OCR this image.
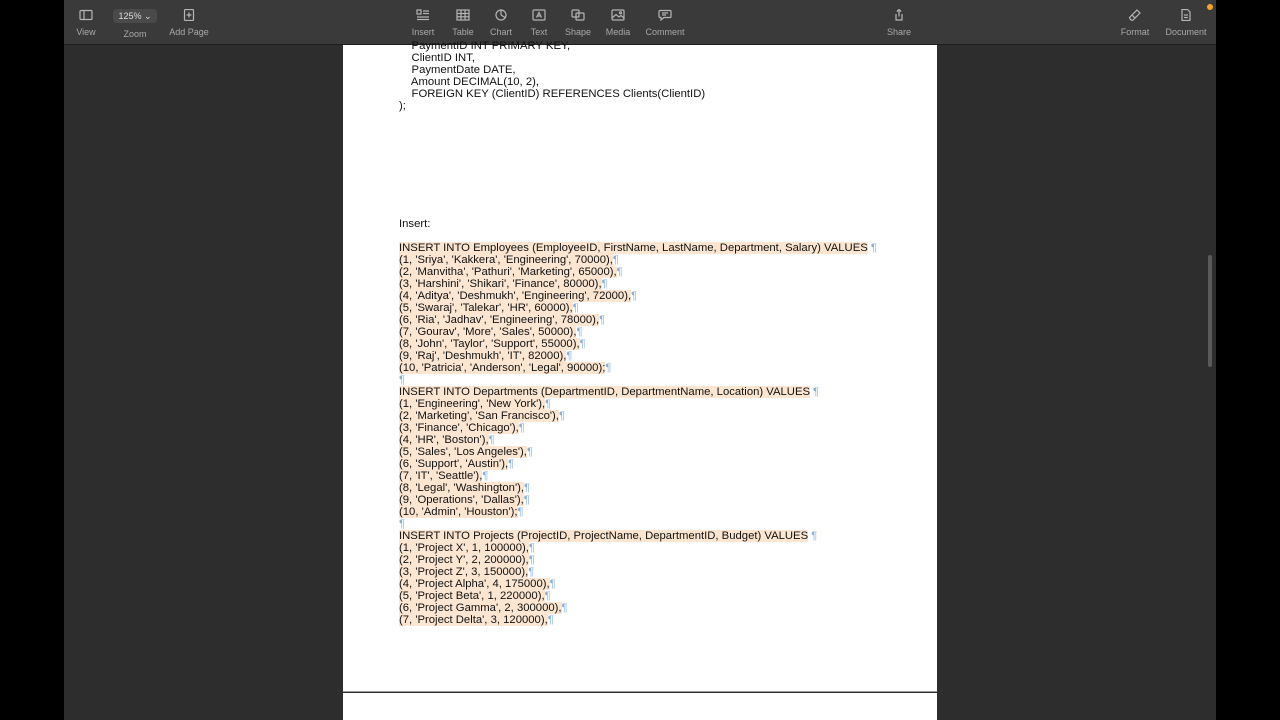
View
125% ⌄
Zoom	Add Page	Insert	Table	Chart	Text	Shape	Media	Comment	Share	Format	Document
PaymentID INT PRIMARY KEY,
ClientID INT,
PaymentDate DATE,
Amount DECIMAL(10, 2),
FOREIGN KEY (ClientID) REFERENCES Clients(ClientID)
);
Insert:
INSERT INTO Employees (EmployeeID, FirstName, LastName, Department, Salary) VALUES ¶
(1, 'Sriya', 'Kakkera', 'Engineering', 70000),¶
(2, 'Manvitha', 'Pathuri', 'Marketing', 65000),¶
(3, 'Harshini', 'Shikari', 'Finance', 80000),¶
(4, 'Aditya', 'Deshmukh', 'Engineering', 72000),¶
(5, 'Swaraj', 'Talekar', 'HR', 60000),¶
(6, 'Ria', 'Jadhav', 'Engineering', 78000),¶
(7, 'Gourav', 'More', 'Sales', 50000),¶
(8, 'John', 'Taylor', 'Support', 55000),¶
(9, 'Raj', 'Deshmukh', 'IT', 82000),¶
(10, 'Patricia', 'Anderson', 'Legal', 90000);¶
¶
INSERT INTO Departments (DepartmentID, DepartmentName, Location) VALUES ¶
(1, 'Engineering', 'New York'),¶
(2, 'Marketing', 'San Francisco'),¶
(3, 'Finance', 'Chicago'),¶
(4, 'HR', 'Boston'),¶
(5, 'Sales', 'Los Angeles'),¶
(6, 'Support', 'Austin'),¶
(7, 'IT', 'Seattle'),¶
(8, 'Legal', 'Washington'),¶
(9, 'Operations', 'Dallas'),¶
(10, 'Admin', 'Houston');¶
¶
INSERT INTO Projects (ProjectID, ProjectName, DepartmentID, Budget) VALUES ¶
(1, 'Project X', 1, 100000),¶
(2, 'Project Y', 2, 200000),¶
(3, 'Project Z', 3, 150000),¶
(4, 'Project Alpha', 4, 175000),¶
(5, 'Project Beta', 1, 220000),¶
(6, 'Project Gamma', 2, 300000),¶
(7, 'Project Delta', 3, 120000),¶
